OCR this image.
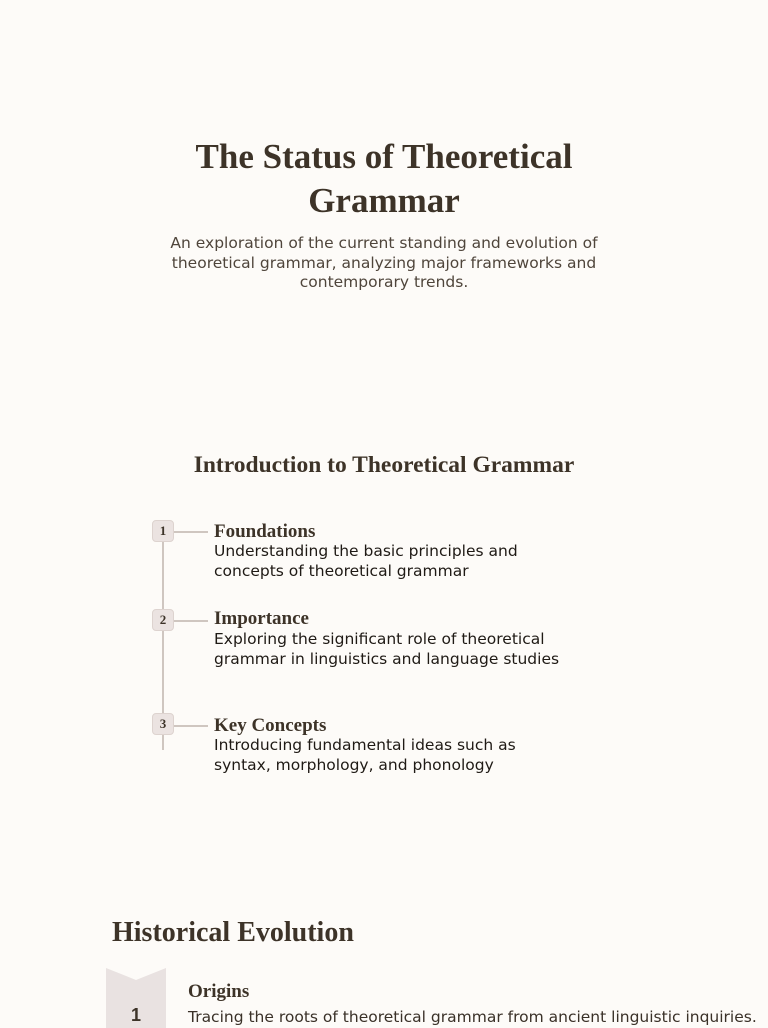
The Status of Theoretical Grammar

An exploration of the current standing and evolution of theoretical grammar, analyzing major frameworks and contemporary trends.

Introduction to Theoretical Grammar
1	Foundations

Understanding the basic principles and concepts of theoretical grammar

2	Importance

Exploring the significant role of theoretical grammar in linguistics and language studies

3	Key Concepts

Introducing fundamental ideas such as syntax, morphology, and phonology

Historical Evolution
1
Origins

Tracing the roots of theoretical grammar from ancient linguistic inquiries.
